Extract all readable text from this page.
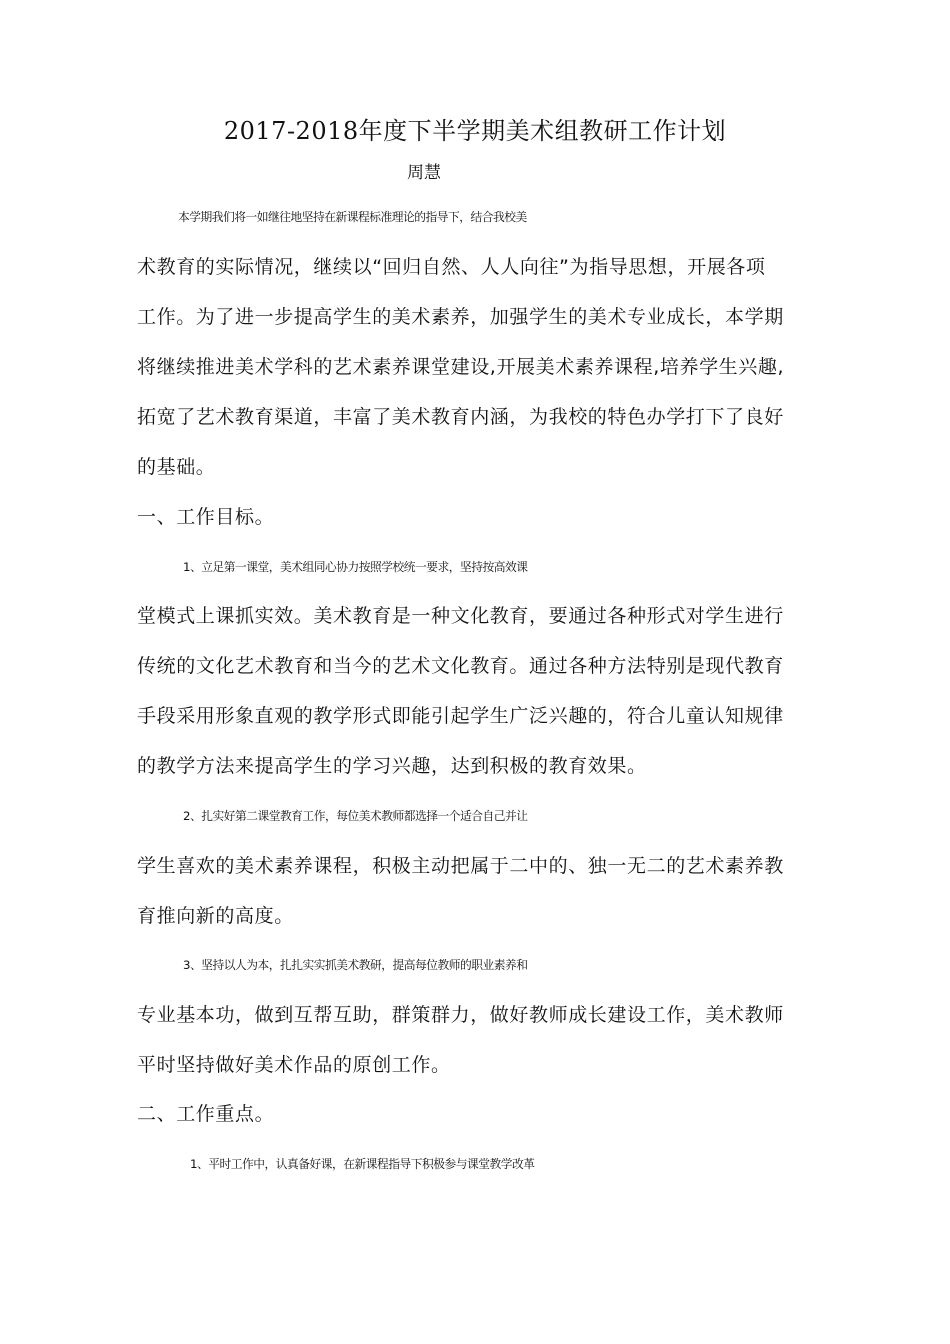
2017-2018年度下半学期美术组教研工作计划

周慧

本学期我们将一如继往地坚持在新课程标准理论的指导下，结合我校美

术教育的实际情况，继续以“回归自然、人人向往”为指导思想，开展各项

工作。为了进一步提高学生的美术素养，加强学生的美术专业成长，本学期

将继续推进美术学科的艺术素养课堂建设,开展美术素养课程,培养学生兴趣,

拓宽了艺术教育渠道，丰富了美术教育内涵，为我校的特色办学打下了良好

的基础。

一、工作目标。

1、立足第一课堂，美术组同心协力按照学校统一要求，坚持按高效课

堂模式上课抓实效。美术教育是一种文化教育，要通过各种形式对学生进行

传统的文化艺术教育和当今的艺术文化教育。通过各种方法特别是现代教育

手段采用形象直观的教学形式即能引起学生广泛兴趣的，符合儿童认知规律

的教学方法来提高学生的学习兴趣，达到积极的教育效果。

2、扎实好第二课堂教育工作，每位美术教师都选择一个适合自己并让

学生喜欢的美术素养课程，积极主动把属于二中的、独一无二的艺术素养教

育推向新的高度。

3、坚持以人为本，扎扎实实抓美术教研，提高每位教师的职业素养和

专业基本功，做到互帮互助，群策群力，做好教师成长建设工作，美术教师

平时坚持做好美术作品的原创工作。

二、工作重点。

1、平时工作中，认真备好课，在新课程指导下积极参与课堂教学改革
